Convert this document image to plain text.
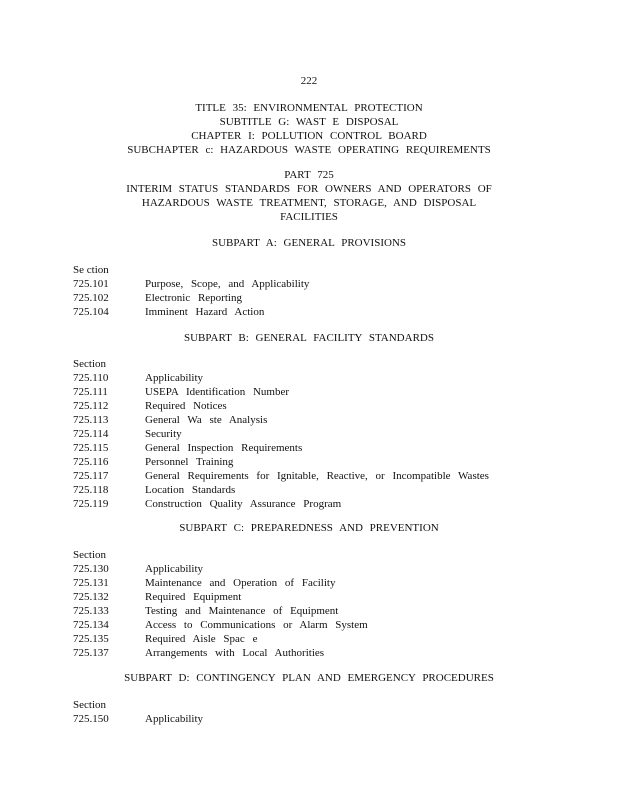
222
TITLE 35: ENVIRONMENTAL PROTECTION
SUBTITLE G: WAST E DISPOSAL
CHAPTER I: POLLUTION CONTROL BOARD
SUBCHAPTER c: HAZARDOUS WASTE OPERATING REQUIREMENTS
PART 725
INTERIM STATUS STANDARDS FOR OWNERS AND OPERATORS OF
HAZARDOUS WASTE TREATMENT, STORAGE, AND DISPOSAL
FACILITIES
SUBPART A: GENERAL PROVISIONS
Se ction
725.101	Purpose, Scope, and Applicability
725.102	Electronic Reporting
725.104	Imminent Hazard Action
SUBPART B: GENERAL FACILITY STANDARDS
Section
725.110	Applicability
725.111	USEPA Identification Number
725.112	Required Notices
725.113	General Wa ste Analysis
725.114	Security
725.115	General Inspection Requirements
725.116	Personnel Training
725.117	General Requirements for Ignitable, Reactive, or Incompatible Wastes
725.118	Location Standards
725.119	Construction Quality Assurance Program
SUBPART C: PREPAREDNESS AND PREVENTION
Section
725.130	Applicability
725.131	Maintenance and Operation of Facility
725.132	Required Equipment
725.133	Testing and Maintenance of Equipment
725.134	Access to Communications or Alarm System
725.135	Required Aisle Spac e
725.137	Arrangements with Local Authorities
SUBPART D: CONTINGENCY PLAN AND EMERGENCY PROCEDURES
Section
725.150	Applicability
